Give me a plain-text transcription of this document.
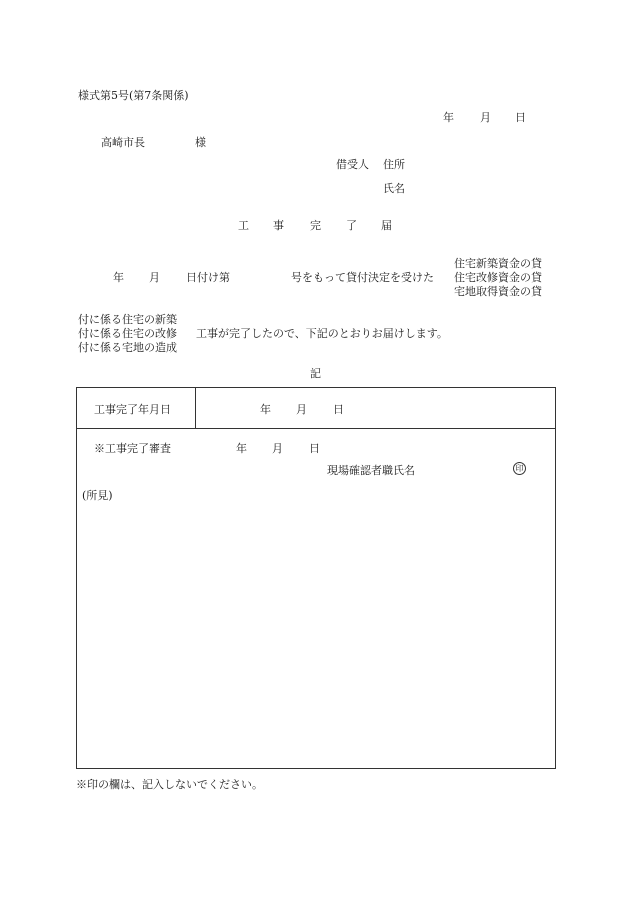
様式第5号(第7条関係)
年 月 日
高崎市長	様
借受人 住所
氏名
工 事 完 了 届
住宅新築資金の貸
年 月 日付け第	号をもって貸付決定を受けた 住宅改修資金の貸
宅地取得資金の貸
付に係る住宅の新築
付に係る住宅の改修 工事が完了したので、下記のとおりお届けします。
付に係る宅地の造成
記
工事完了年月日	年 月 日
※工事完了審査	年 月 日
現場確認者職氏名	印
(所見)
※印の欄は、記入しないでください。
